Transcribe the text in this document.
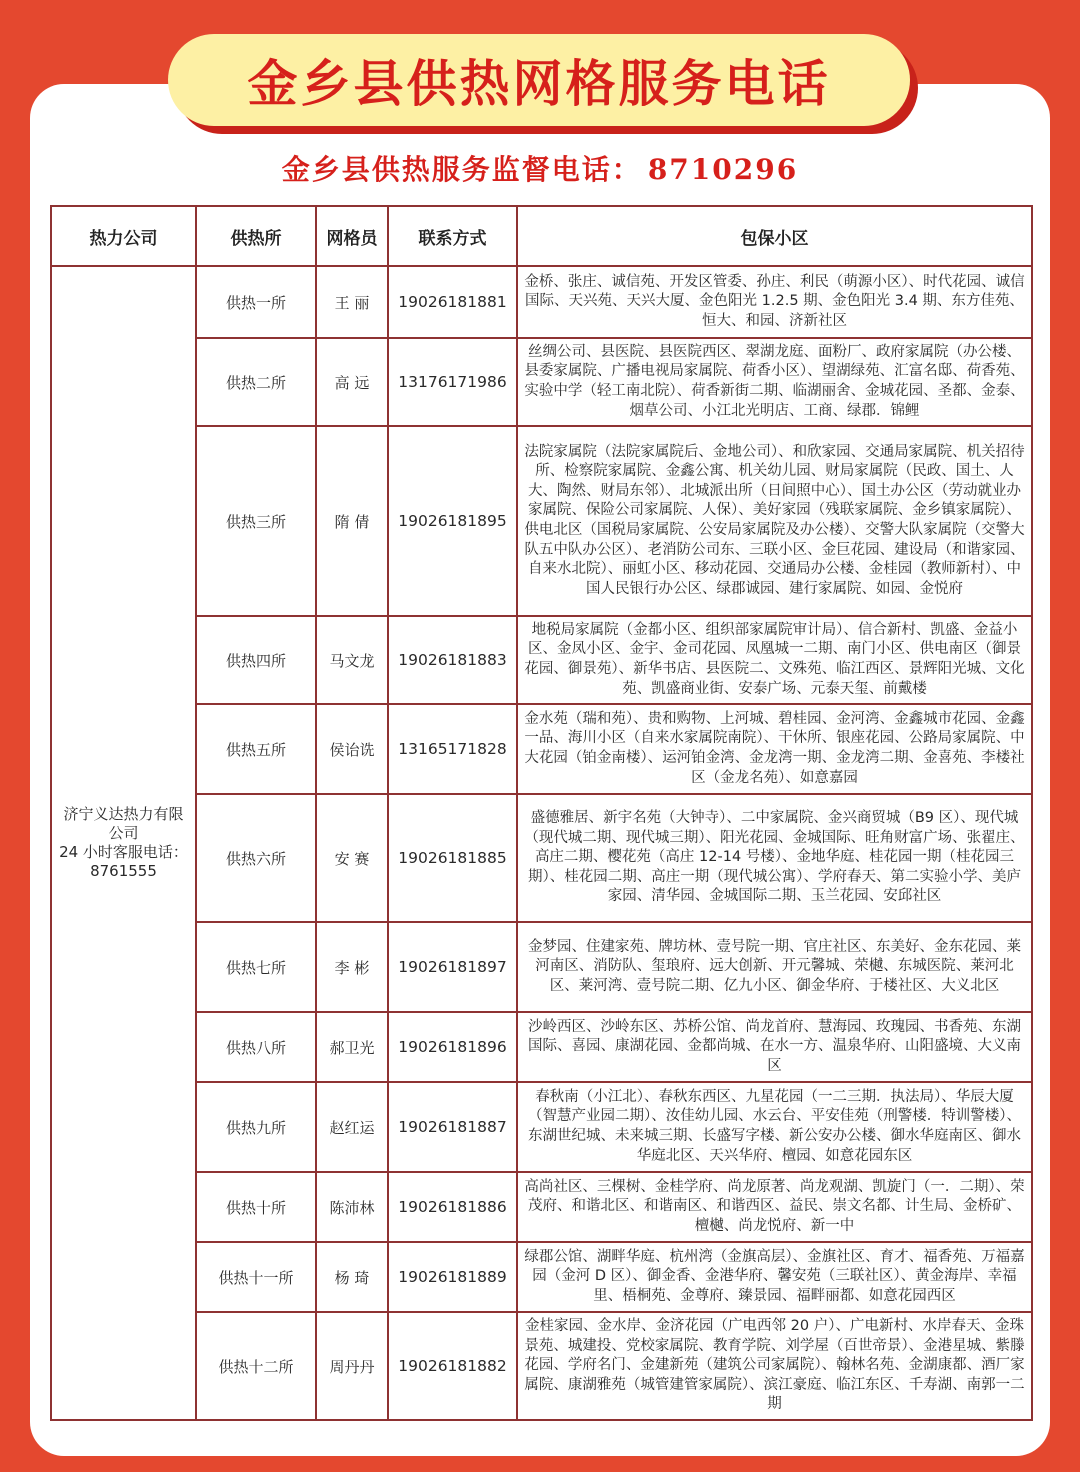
金乡县供热网格服务电话
金乡县供热服务监督电话： 8710296
热力公司	供热所	网格员	联系方式	包保小区

济宁义达热力有限
公司
24 小时客服电话：
8761555	供热一所	王 丽	19026181881	金桥、张庄、诚信苑、开发区管委、孙庄、利民（萌源小区）、时代花园、诚信国际、天兴苑、天兴大厦、金色阳光 1.2.5 期、金色阳光 3.4 期、东方佳苑、恒大、和园、济新社区
	供热二所	高 远	13176171986	丝绸公司、县医院、县医院西区、翠湖龙庭、面粉厂、政府家属院（办公楼、县委家属院、广播电视局家属院、荷香小区）、望湖绿苑、汇富名邸、荷香苑、实验中学（轻工南北院）、荷香新街二期、临湖丽舍、金城花园、圣都、金泰、烟草公司、小江北光明店、工商、绿郡．锦鲤
	供热三所	隋 倩	19026181895	法院家属院（法院家属院后、金地公司）、和欣家园、交通局家属院、机关招待所、检察院家属院、金鑫公寓、机关幼儿园、财局家属院（民政、国土、人大、陶然、财局东邻）、北城派出所（日间照中心）、国土办公区（劳动就业办家属院、保险公司家属院、人保）、美好家园（残联家属院、金乡镇家属院）、供电北区（国税局家属院、公安局家属院及办公楼）、交警大队家属院（交警大队五中队办公区）、老消防公司东、三联小区、金巨花园、建设局（和谐家园、自来水北院）、丽虹小区、移动花园、交通局办公楼、金桂园（教师新村）、中国人民银行办公区、绿郡诚园、建行家属院、如园、金悦府
	供热四所	马文龙	19026181883	地税局家属院（金都小区、组织部家属院审计局）、信合新村、凯盛、金益小区、金凤小区、金宇、金司花园、凤凰城一二期、南门小区、供电南区（御景花园、御景苑）、新华书店、县医院二、文殊苑、临江西区、景辉阳光城、文化苑、凯盛商业街、安泰广场、元泰天玺、前戴楼
	供热五所	侯诒诜	13165171828	金水苑（瑞和苑）、贵和购物、上河城、碧桂园、金河湾、金鑫城市花园、金鑫一品、海川小区（自来水家属院南院）、干休所、银座花园、公路局家属院、中大花园（铂金南楼）、运河铂金湾、金龙湾一期、金龙湾二期、金喜苑、李楼社区（金龙名苑）、如意嘉园
	供热六所	安 赛	19026181885	盛德雅居、新宇名苑（大钟寺）、二中家属院、金兴商贸城（B9 区）、现代城（现代城二期、现代城三期）、阳光花园、金城国际、旺角财富广场、张翟庄、高庄二期、樱花苑（高庄 12-14 号楼）、金地华庭、桂花园一期（桂花园三期）、桂花园二期、高庄一期（现代城公寓）、学府春天、第二实验小学、美庐家园、清华园、金城国际二期、玉兰花园、安邱社区
	供热七所	李 彬	19026181897	金梦园、住建家苑、牌坊林、壹号院一期、官庄社区、东美好、金东花园、莱河南区、消防队、玺琅府、远大创新、开元馨城、荣樾、东城医院、莱河北区、莱河湾、壹号院二期、亿九小区、御金华府、于楼社区、大义北区
	供热八所	郝卫光	19026181896	沙岭西区、沙岭东区、苏桥公馆、尚龙首府、慧海园、玫瑰园、书香苑、东湖国际、喜园、康湖花园、金都尚城、在水一方、温泉华府、山阳盛境、大义南区
	供热九所	赵红运	19026181887	春秋南（小江北）、春秋东西区、九星花园（一二三期．执法局）、华辰大厦（智慧产业园二期）、汝佳幼儿园、水云台、平安佳苑（刑警楼．特训警楼）、东湖世纪城、未来城三期、长盛写字楼、新公安办公楼、御水华庭南区、御水华庭北区、天兴华府、檀园、如意花园东区
	供热十所	陈沛林	19026181886	高尚社区、三棵树、金桂学府、尚龙原著、尚龙观湖、凯旋门（一．二期）、荣茂府、和谐北区、和谐南区、和谐西区、益民、崇文名都、计生局、金桥矿、檀樾、尚龙悦府、新一中
	供热十一所	杨 琦	19026181889	绿郡公馆、湖畔华庭、杭州湾（金旗高层）、金旗社区、育才、福香苑、万福嘉园（金河 D 区）、御金香、金港华府、馨安苑（三联社区）、黄金海岸、幸福里、梧桐苑、金尊府、臻景园、福畔丽都、如意花园西区
	供热十二所	周丹丹	19026181882	金桂家园、金水岸、金济花园（广电西邻 20 户）、广电新村、水岸春天、金珠景苑、城建投、党校家属院、教育学院、刘学屋（百世帝景）、金港星城、紫滕花园、学府名门、金建新苑（建筑公司家属院）、翰林名苑、金湖康都、酒厂家属院、康湖雅苑（城管建管家属院）、滨江豪庭、临江东区、千寿湖、南郭一二期
